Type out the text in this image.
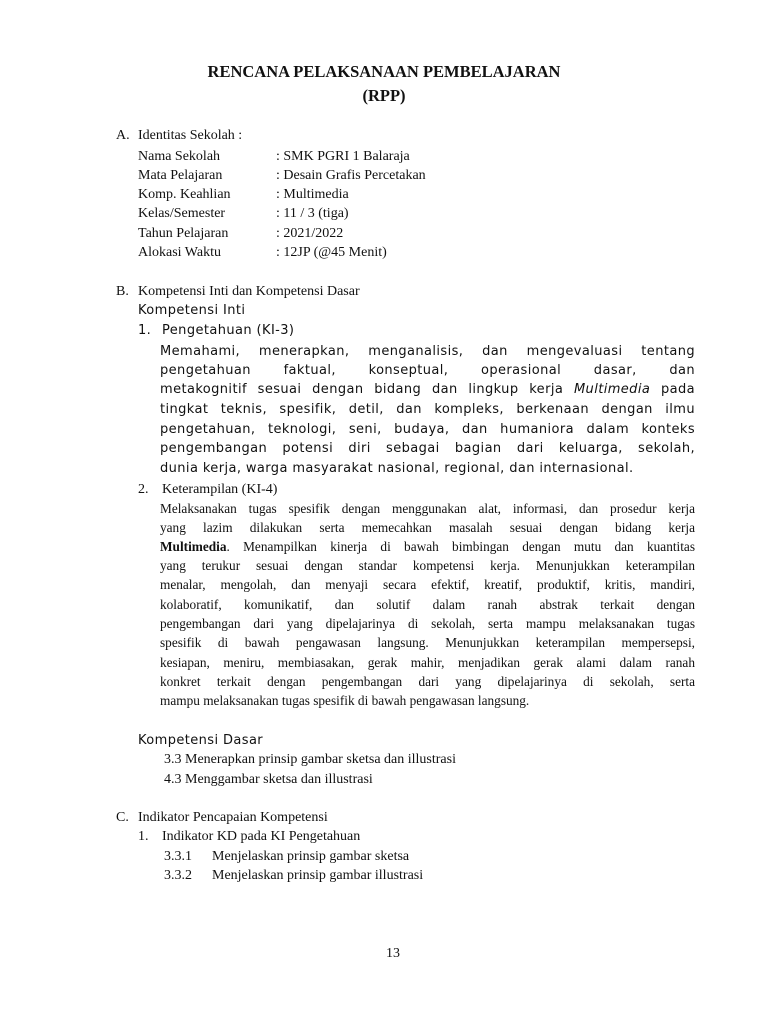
RENCANA PELAKSANAAN PEMBELAJARAN
(RPP)
A. Identitas Sekolah :
Nama Sekolah	: SMK PGRI 1 Balaraja
Mata Pelajaran	: Desain Grafis Percetakan
Komp. Keahlian	: Multimedia
Kelas/Semester	: 11 / 3 (tiga)
Tahun Pelajaran	: 2021/2022
Alokasi Waktu	: 12JP (@45 Menit)
B. Kompetensi Inti dan Kompetensi Dasar
Kompetensi Inti
1. Pengetahuan (KI-3)
Memahami, menerapkan, menganalisis, dan mengevaluasi tentang
pengetahuan faktual, konseptual, operasional dasar, dan
metakognitif sesuai dengan bidang dan lingkup kerja Multimedia pada
tingkat teknis, spesifik, detil, dan kompleks, berkenaan dengan ilmu
pengetahuan, teknologi, seni, budaya, dan humaniora dalam konteks
pengembangan potensi diri sebagai bagian dari keluarga, sekolah,
dunia kerja, warga masyarakat nasional, regional, dan internasional.
2. Keterampilan (KI-4)
Melaksanakan tugas spesifik dengan menggunakan alat, informasi, dan prosedur kerja
yang lazim dilakukan serta memecahkan masalah sesuai dengan bidang kerja
Multimedia. Menampilkan kinerja di bawah bimbingan dengan mutu dan kuantitas
yang terukur sesuai dengan standar kompetensi kerja. Menunjukkan keterampilan
menalar, mengolah, dan menyaji secara efektif, kreatif, produktif, kritis, mandiri,
kolaboratif, komunikatif, dan solutif dalam ranah abstrak terkait dengan
pengembangan dari yang dipelajarinya di sekolah, serta mampu melaksanakan tugas
spesifik di bawah pengawasan langsung. Menunjukkan keterampilan mempersepsi,
kesiapan, meniru, membiasakan, gerak mahir, menjadikan gerak alami dalam ranah
konkret terkait dengan pengembangan dari yang dipelajarinya di sekolah, serta
mampu melaksanakan tugas spesifik di bawah pengawasan langsung.
Kompetensi Dasar
3.3 Menerapkan prinsip gambar sketsa dan illustrasi
4.3 Menggambar sketsa dan illustrasi
C. Indikator Pencapaian Kompetensi
1. Indikator KD pada KI Pengetahuan
3.3.1 Menjelaskan prinsip gambar sketsa
3.3.2 Menjelaskan prinsip gambar illustrasi
13
